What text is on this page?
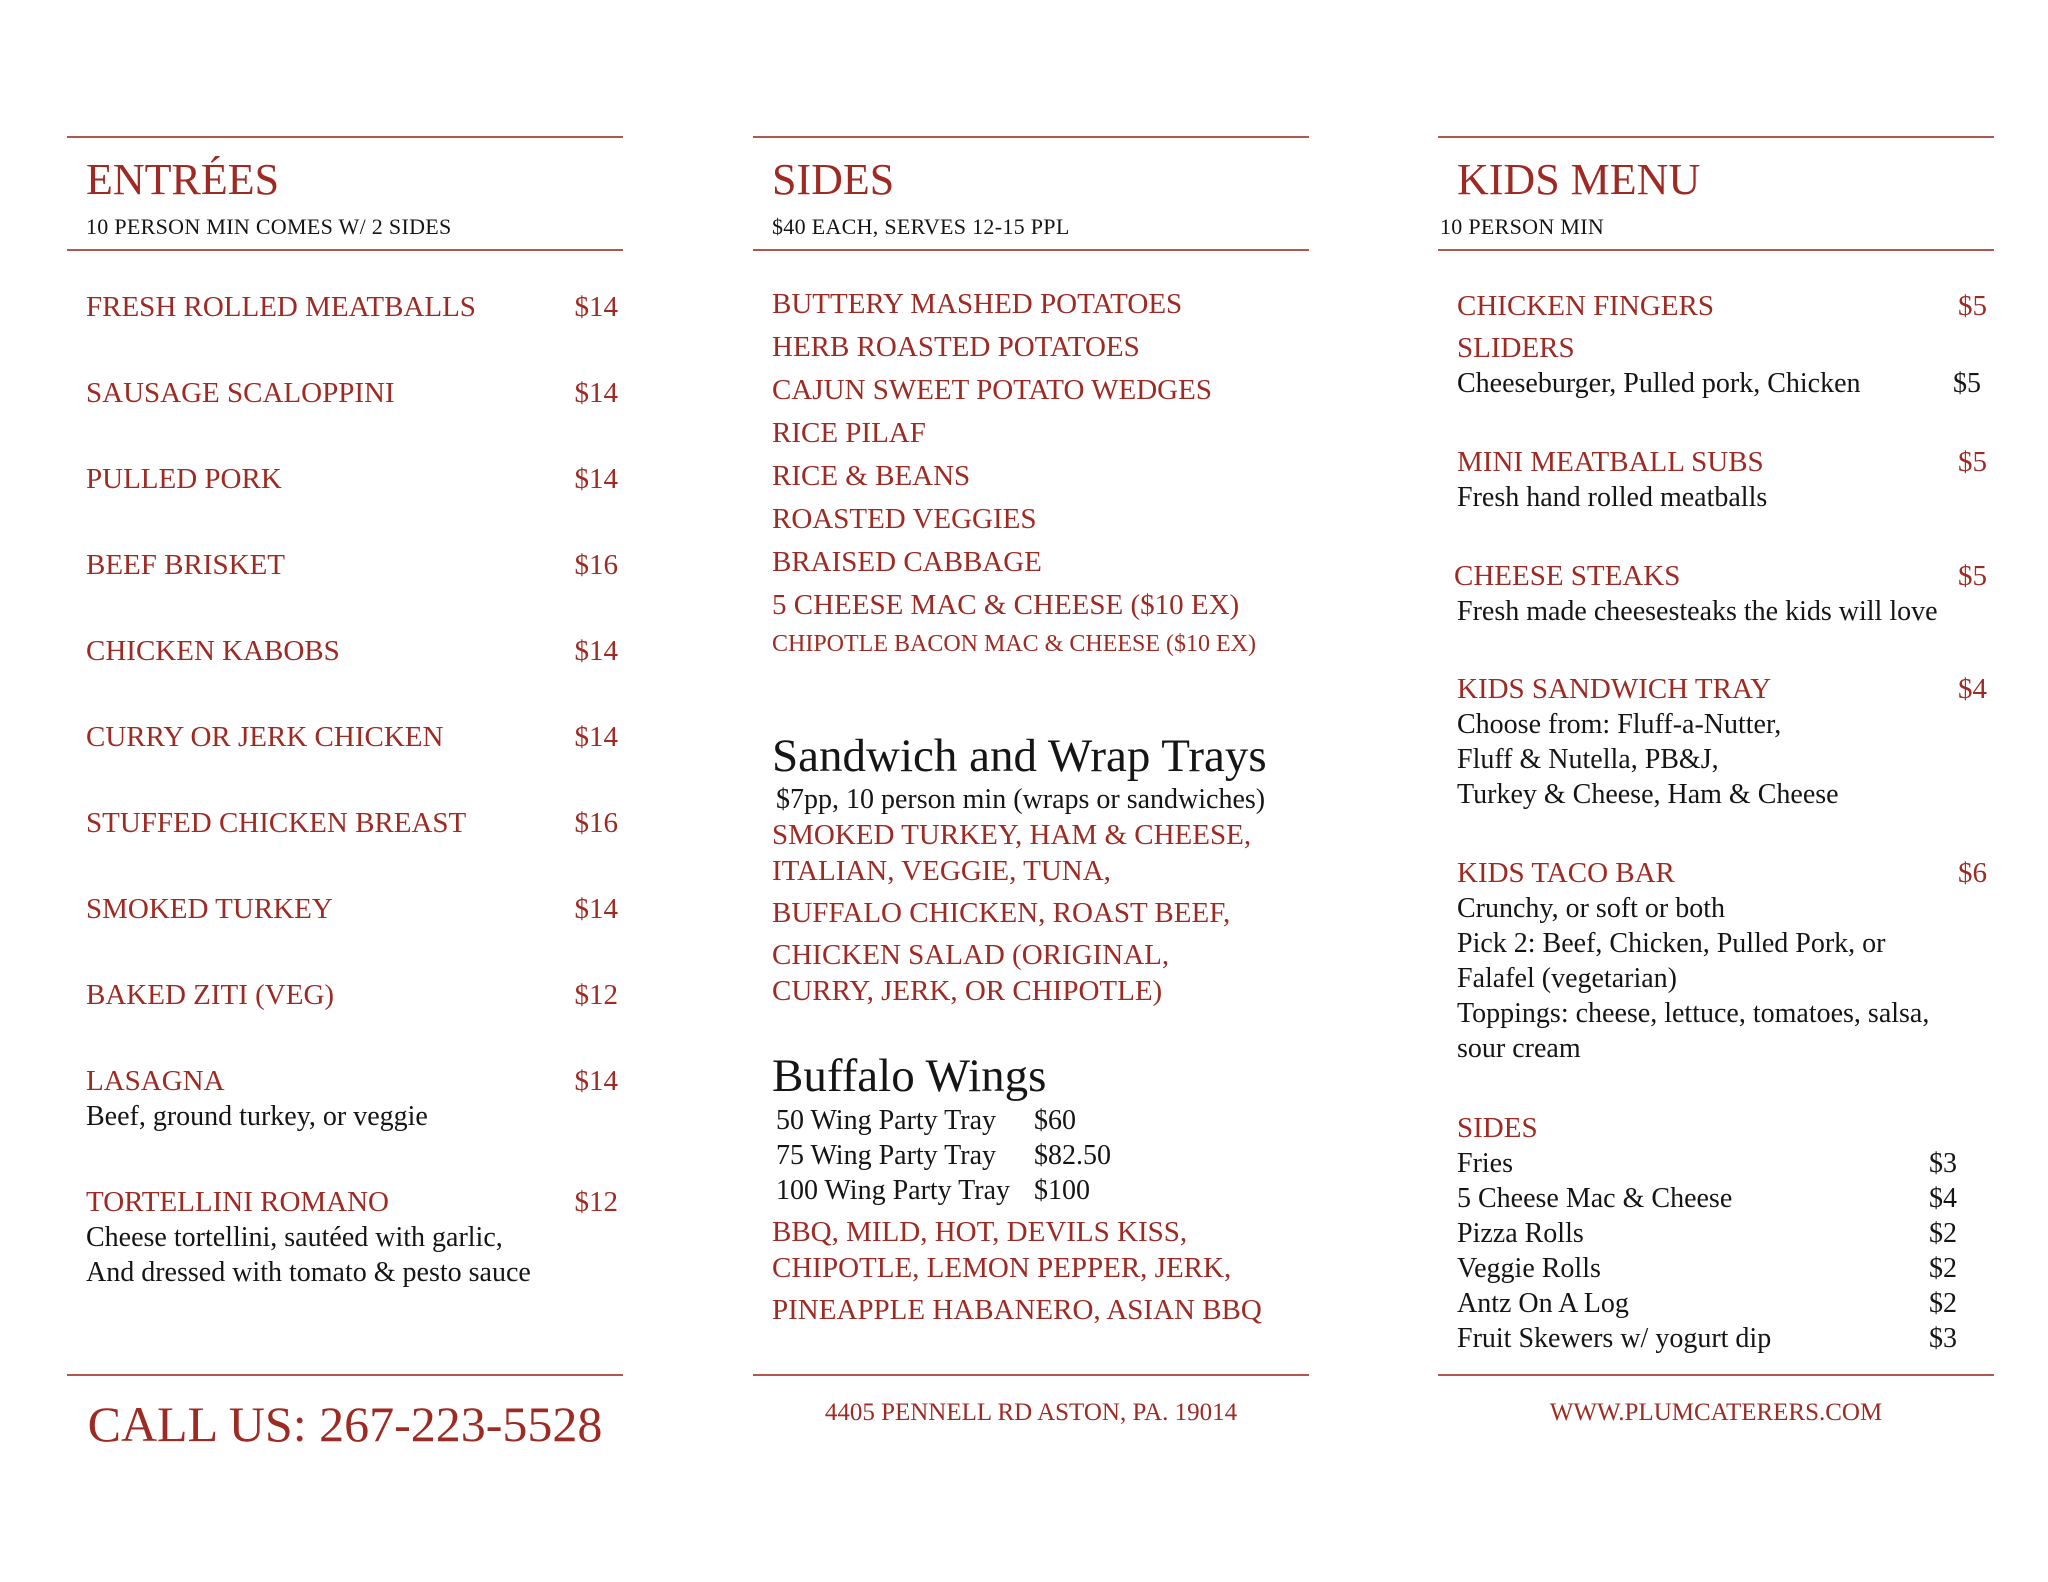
ENTRÉES
10 PERSON MIN COMES W/ 2 SIDES
FRESH ROLLED MEATBALLS	$14
SAUSAGE SCALOPPINI	$14
PULLED PORK	$14
BEEF BRISKET	$16
CHICKEN KABOBS	$14
CURRY OR JERK CHICKEN	$14
STUFFED CHICKEN BREAST	$16
SMOKED TURKEY	$14
BAKED ZITI (VEG)	$12
LASAGNA	$14
Beef, ground turkey, or veggie
TORTELLINI ROMANO	$12
Cheese tortellini, sautéed with garlic,
And dressed with tomato & pesto sauce
SIDES
$40 EACH, SERVES 12-15 PPL
BUTTERY MASHED POTATOES
HERB ROASTED POTATOES
CAJUN SWEET POTATO WEDGES
RICE PILAF
RICE & BEANS
ROASTED VEGGIES
BRAISED CABBAGE
5 CHEESE MAC & CHEESE ($10 EX)
CHIPOTLE BACON MAC & CHEESE ($10 EX)
Sandwich and Wrap Trays
$7pp, 10 person min (wraps or sandwiches)
SMOKED TURKEY, HAM & CHEESE,
ITALIAN, VEGGIE, TUNA,
BUFFALO CHICKEN, ROAST BEEF,
CHICKEN SALAD (ORIGINAL,
CURRY, JERK, OR CHIPOTLE)
Buffalo Wings
50 Wing Party Tray	$60
75 Wing Party Tray	$82.50
100 Wing Party Tray $100
BBQ, MILD, HOT, DEVILS KISS,
CHIPOTLE, LEMON PEPPER, JERK,
PINEAPPLE HABANERO, ASIAN BBQ
KIDS MENU
10 PERSON MIN
CHICKEN FINGERS	$5
SLIDERS
Cheeseburger, Pulled pork, Chicken	$5
MINI MEATBALL SUBS	$5
Fresh hand rolled meatballs
CHEESE STEAKS	$5
Fresh made cheesesteaks the kids will love
KIDS SANDWICH TRAY	$4
Choose from: Fluff-a-Nutter,
Fluff & Nutella, PB&J,
Turkey & Cheese, Ham & Cheese
KIDS TACO BAR	$6
Crunchy, or soft or both
Pick 2: Beef, Chicken, Pulled Pork, or
Falafel (vegetarian)
Toppings: cheese, lettuce, tomatoes, salsa,
sour cream
SIDES
Fries	$3
5 Cheese Mac & Cheese	$4
Pizza Rolls	$2
Veggie Rolls	$2
Antz On A Log	$2
Fruit Skewers w/ yogurt dip	$3
CALL US: 267-223-5528	4405 PENNELL RD ASTON, PA. 19014	WWW.PLUMCATERERS.COM
